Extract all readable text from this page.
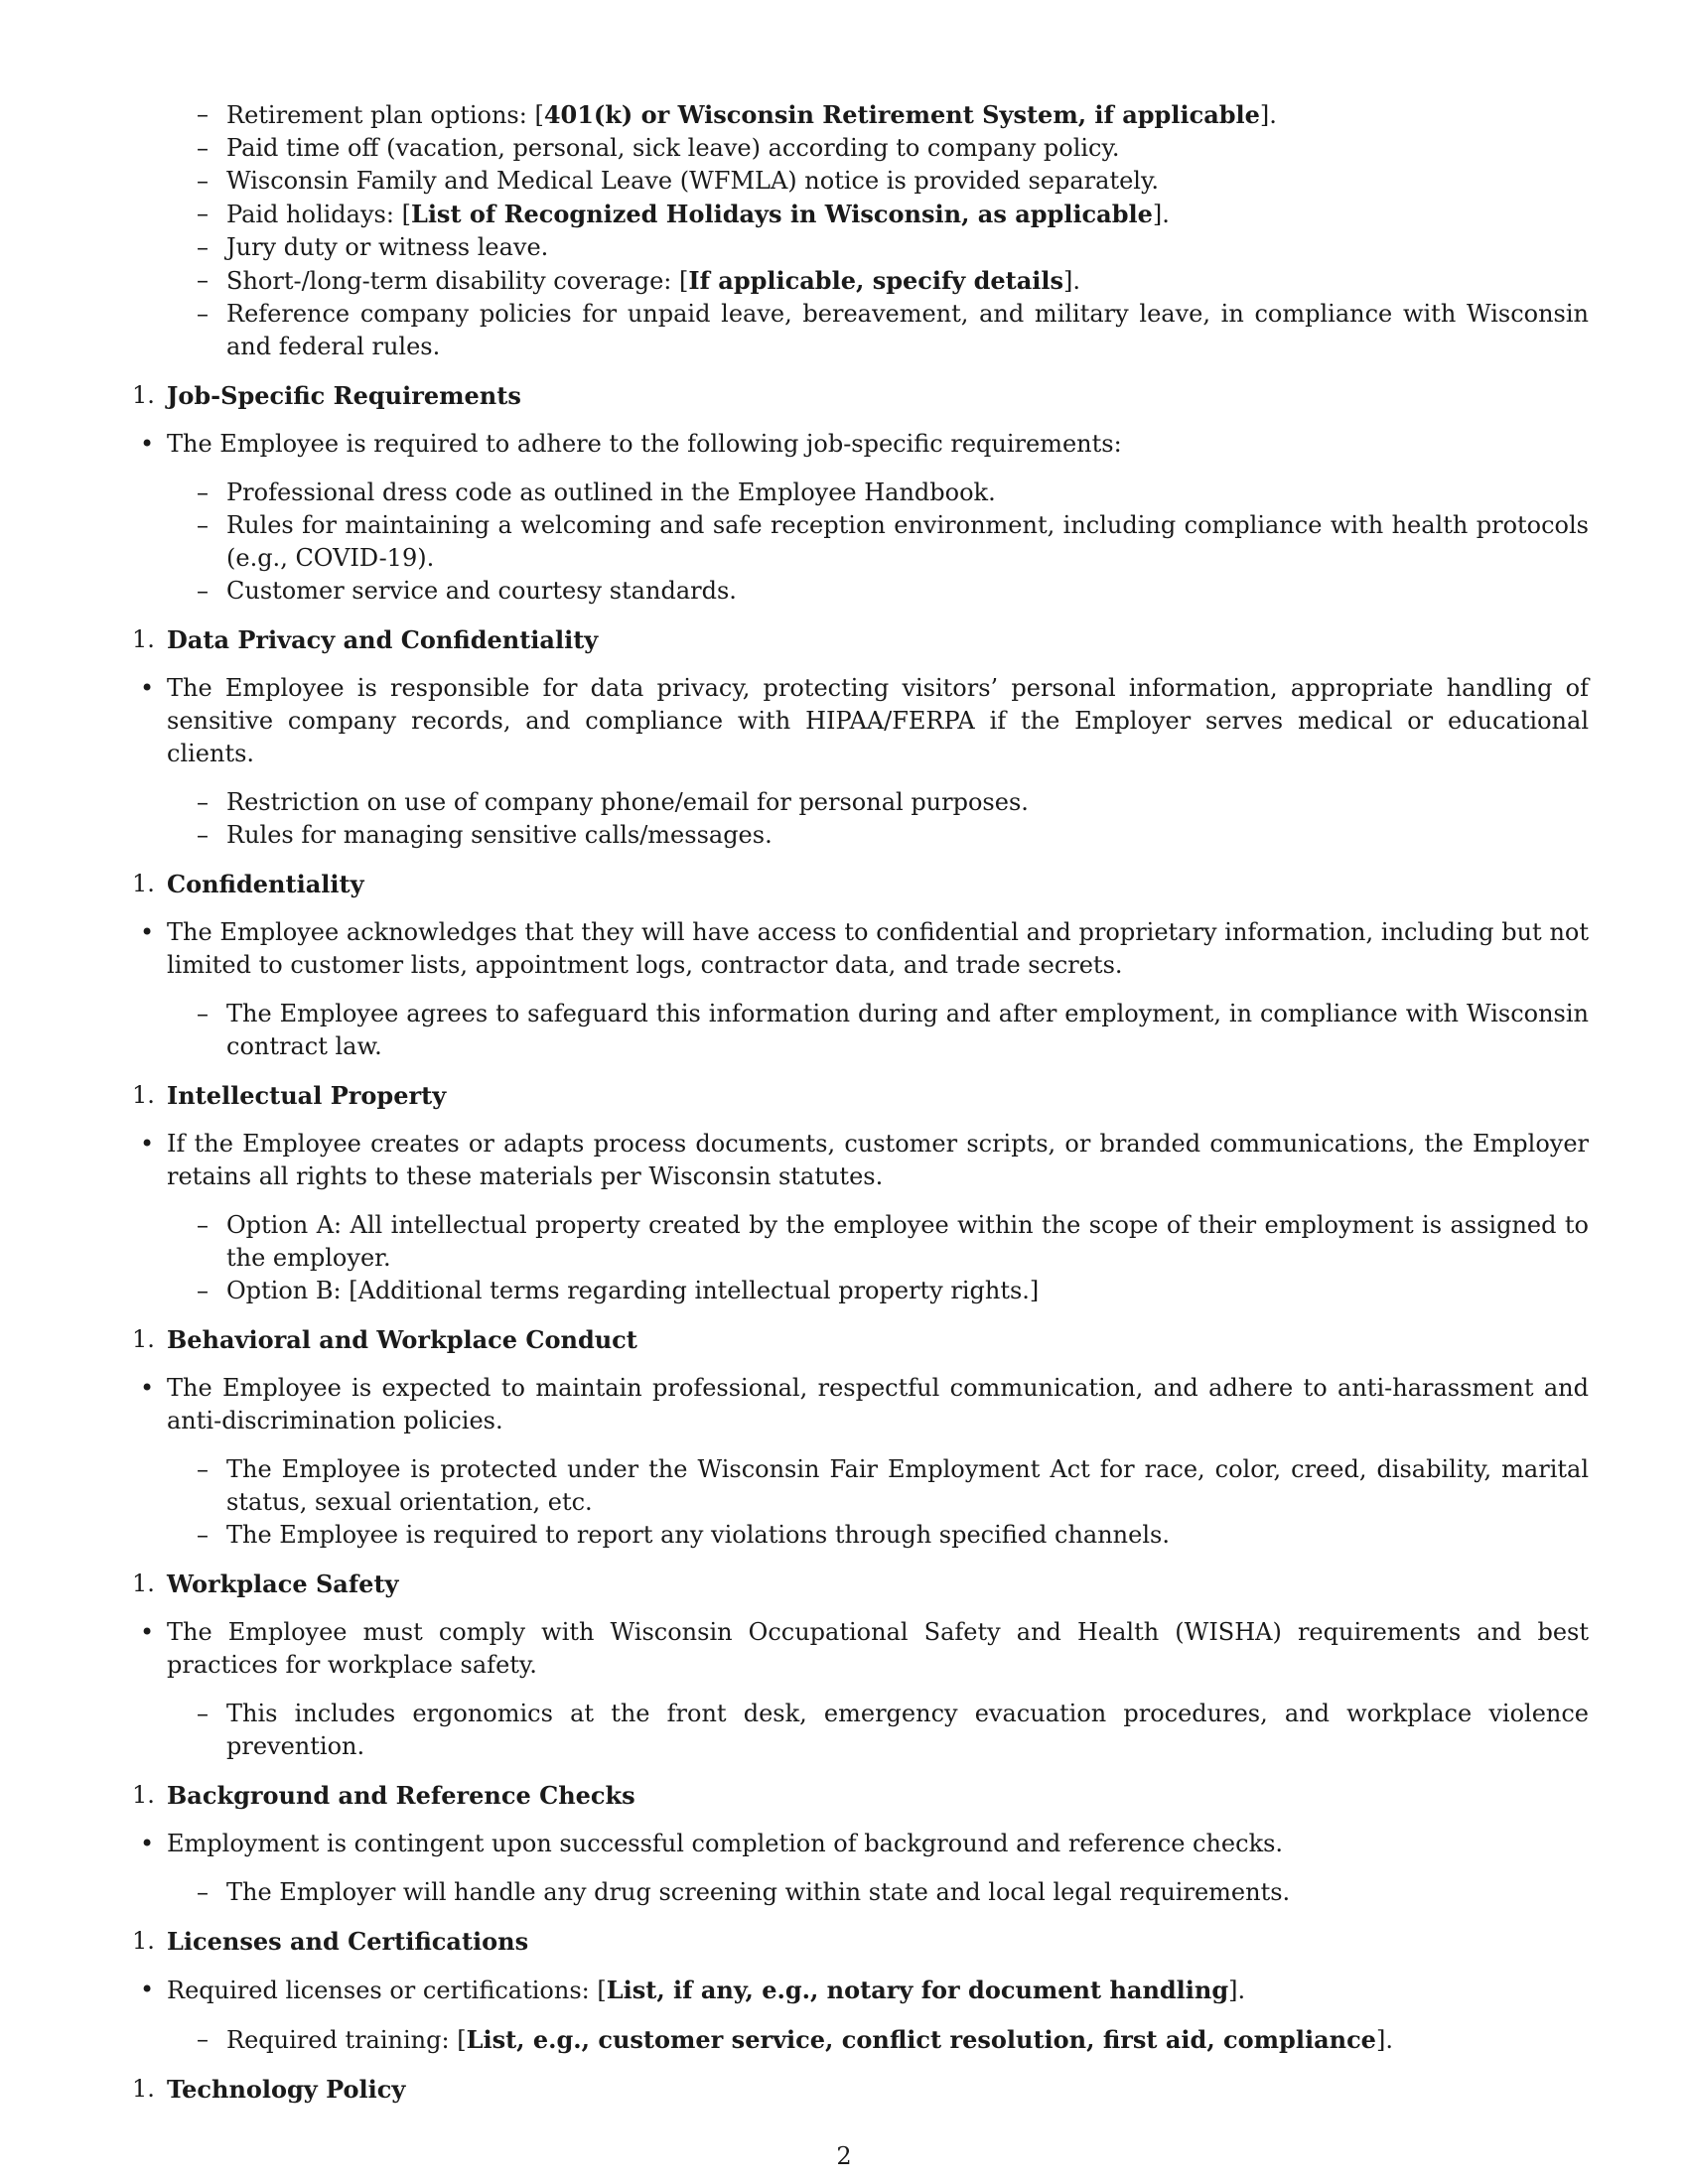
– Retirement plan options: [401(k) or Wisconsin Retirement System, if applicable].
– Paid time off (vacation, personal, sick leave) according to company policy.
– Wisconsin Family and Medical Leave (WFMLA) notice is provided separately.
– Paid holidays: [List of Recognized Holidays in Wisconsin, as applicable].
– Jury duty or witness leave.
– Short-/long-term disability coverage: [If applicable, specify details].
– Reference company policies for unpaid leave, bereavement, and military leave, in compliance with Wisconsin and federal rules.
1. Job-Specific Requirements
• The Employee is required to adhere to the following job-specific requirements:
– Professional dress code as outlined in the Employee Handbook.
– Rules for maintaining a welcoming and safe reception environment, including compliance with health protocols (e.g., COVID-19).
– Customer service and courtesy standards.
1. Data Privacy and Confidentiality
• The Employee is responsible for data privacy, protecting visitors’ personal information, appropriate handling of sensitive company records, and compliance with HIPAA/FERPA if the Employer serves medical or educational clients.
– Restriction on use of company phone/email for personal purposes.
– Rules for managing sensitive calls/messages.
1. Confidentiality
• The Employee acknowledges that they will have access to confidential and proprietary information, including but not limited to customer lists, appointment logs, contractor data, and trade secrets.
– The Employee agrees to safeguard this information during and after employment, in compliance with Wisconsin contract law.
1. Intellectual Property
• If the Employee creates or adapts process documents, customer scripts, or branded communications, the Employer retains all rights to these materials per Wisconsin statutes.
– Option A: All intellectual property created by the employee within the scope of their employment is assigned to the employer.
– Option B: [Additional terms regarding intellectual property rights.]
1. Behavioral and Workplace Conduct
• The Employee is expected to maintain professional, respectful communication, and adhere to anti-harassment and anti-discrimination policies.
– The Employee is protected under the Wisconsin Fair Employment Act for race, color, creed, disability, marital status, sexual orientation, etc.
– The Employee is required to report any violations through specified channels.
1. Workplace Safety
• The Employee must comply with Wisconsin Occupational Safety and Health (WISHA) requirements and best practices for workplace safety.
– This includes ergonomics at the front desk, emergency evacuation procedures, and workplace violence prevention.
1. Background and Reference Checks
• Employment is contingent upon successful completion of background and reference checks.
– The Employer will handle any drug screening within state and local legal requirements.
1. Licenses and Certifications
• Required licenses or certifications: [List, if any, e.g., notary for document handling].
– Required training: [List, e.g., customer service, conflict resolution, first aid, compliance].
1. Technology Policy
2
